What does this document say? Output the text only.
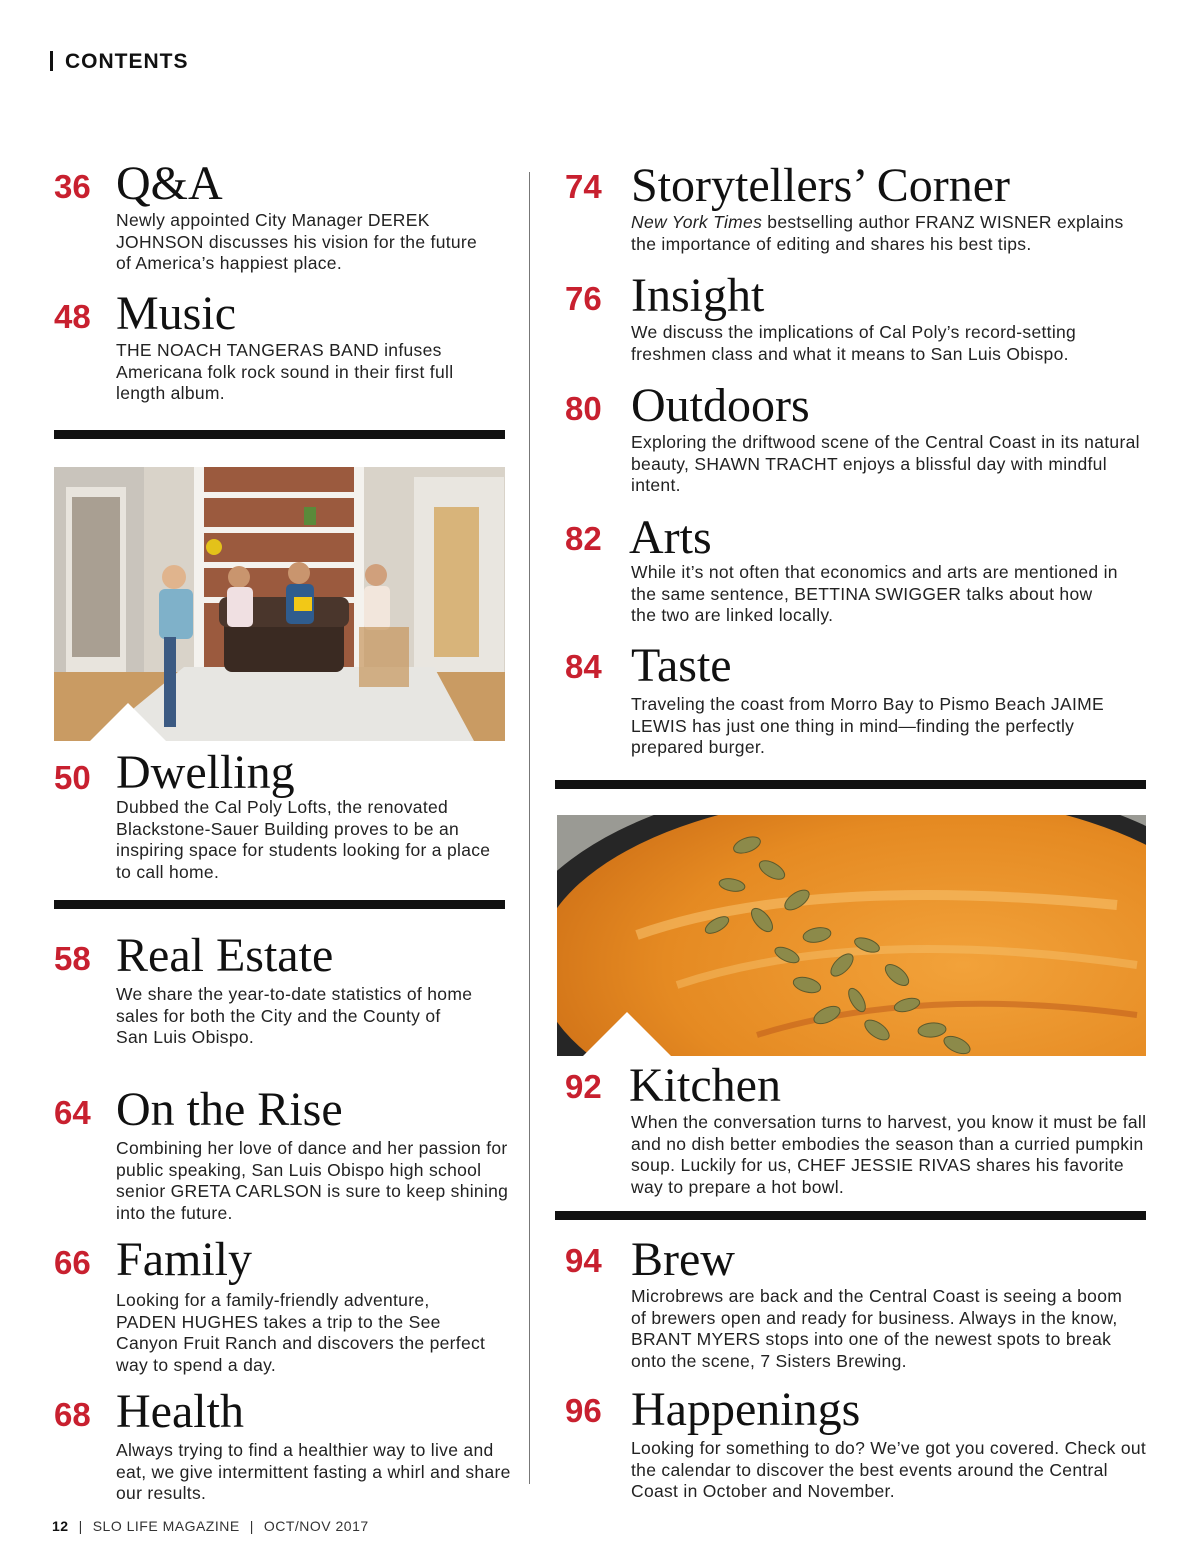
CONTENTS
36 Q&A
Newly appointed City Manager DEREK JOHNSON discusses his vision for the future of America’s happiest place.
48 Music
THE NOACH TANGERAS BAND infuses Americana folk rock sound in their first full length album.
50 Dwelling
Dubbed the Cal Poly Lofts, the renovated Blackstone-Sauer Building proves to be an inspiring space for students looking for a place to call home.
58 Real Estate
We share the year-to-date statistics of home sales for both the City and the County of San Luis Obispo.
64 On the Rise
Combining her love of dance and her passion for public speaking, San Luis Obispo high school senior GRETA CARLSON is sure to keep shining into the future.
66 Family
Looking for a family-friendly adventure, PADEN HUGHES takes a trip to the See Canyon Fruit Ranch and discovers the perfect way to spend a day.
68 Health
Always trying to find a healthier way to live and eat, we give intermittent fasting a whirl and share our results.
74 Storytellers’ Corner
New York Times bestselling author FRANZ WISNER explains the importance of editing and shares his best tips.
76 Insight
We discuss the implications of Cal Poly’s record-setting freshmen class and what it means to San Luis Obispo.
80 Outdoors
Exploring the driftwood scene of the Central Coast in its natural beauty, SHAWN TRACHT enjoys a blissful day with mindful intent.
82 Arts
While it’s not often that economics and arts are mentioned in the same sentence, BETTINA SWIGGER talks about how the two are linked locally.
84 Taste
Traveling the coast from Morro Bay to Pismo Beach JAIME LEWIS has just one thing in mind—finding the perfectly prepared burger.
92 Kitchen
When the conversation turns to harvest, you know it must be fall and no dish better embodies the season than a curried pumpkin soup. Luckily for us, CHEF JESSIE RIVAS shares his favorite way to prepare a hot bowl.
94 Brew
Microbrews are back and the Central Coast is seeing a boom of brewers open and ready for business. Always in the know, BRANT MYERS stops into one of the newest spots to break onto the scene, 7 Sisters Brewing.
96 Happenings
Looking for something to do? We’ve got you covered. Check out the calendar to discover the best events around the Central Coast in October and November.
12 | SLO LIFE MAGAZINE | OCT/NOV 2017
